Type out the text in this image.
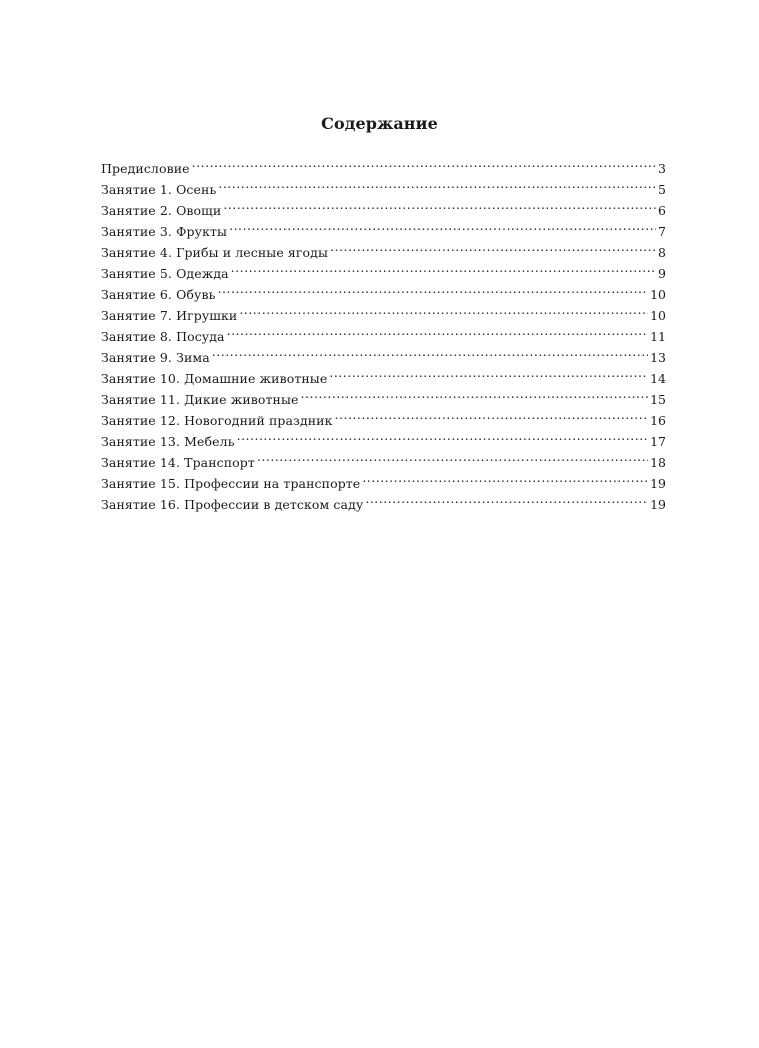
Содержание
Предисловие .....	3
Занятие 1. Осень .....	5
Занятие 2. Овощи .....	6
Занятие 3. Фрукты .....	7
Занятие 4. Грибы и лесные ягоды .....	8
Занятие 5. Одежда .....	9
Занятие 6. Обувь .....	10
Занятие 7. Игрушки .....	10
Занятие 8. Посуда .....	11
Занятие 9. Зима .....	13
Занятие 10. Домашние животные .....	14
Занятие 11. Дикие животные .....	15
Занятие 12. Новогодний праздник .....	16
Занятие 13. Мебель .....	17
Занятие 14. Транспорт .....	18
Занятие 15. Профессии на транспорте .....	19
Занятие 16. Профессии в детском саду .....	19
